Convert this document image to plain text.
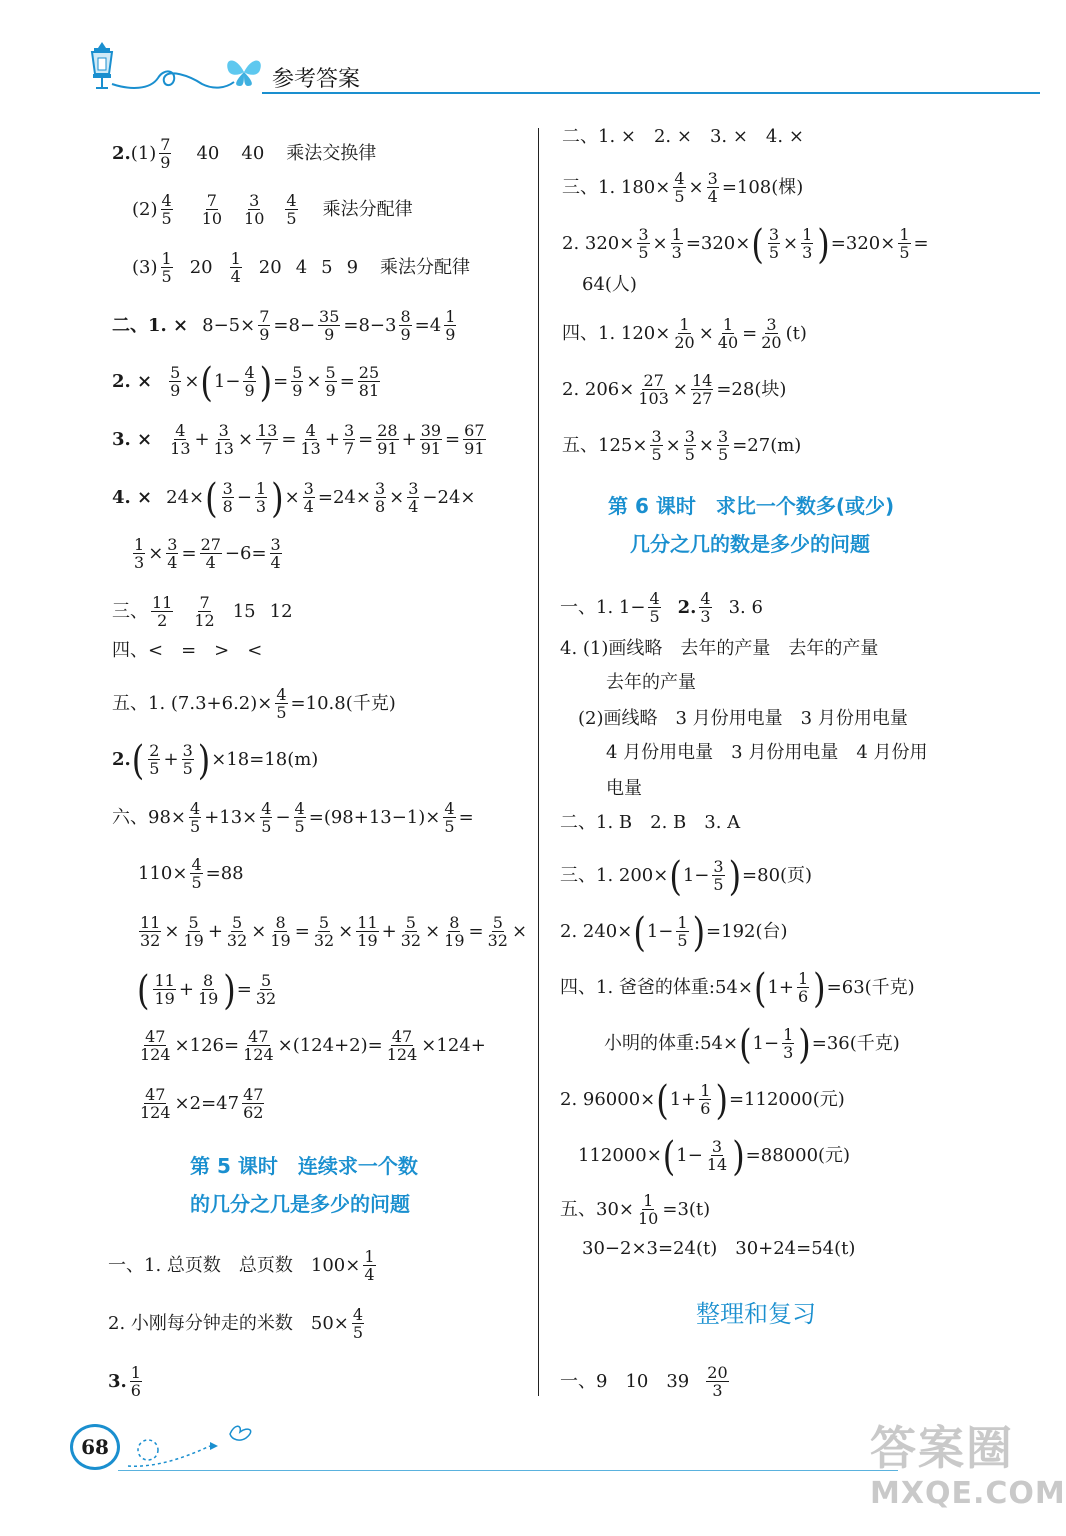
参考答案
2. $(1) \frac{7}{9} 40$ 40 乘法交换律
$(2) \frac{4}{5} \frac{7}{10} \frac{3}{10} \frac{4}{5}$ 乘法分配律
$(3) \frac{1}{5} 20 \frac{1}{4} 20$ 4 5 9 乘法分配律
二、1. × $8-5\times \frac{7}{9} =8- \frac{35}{9} =8-3 \frac{8}{9} =4 \frac{1}{9}$
2. × $\frac{5}{9}$ × ( $1- \frac{4}{9}$ ) = $\frac{5}{9} \times \frac{5}{9} = \frac{25}{81}$
3. × $\frac{4}{13} + \frac{3}{13} \times \frac{13}{7} = \frac{4}{13} + \frac{3}{7} = \frac{28}{91} + \frac{39}{91} = \frac{67}{91}$
4. × 24× ( $\frac{3}{8} - \frac{1}{3}$ ) × $\frac{3}{4} =24\times \frac{3}{8} \times \frac{3}{4} -24\times$
$\frac{1}{3} \times \frac{3}{4} = \frac{27}{4} -6= \frac{3}{4}$
三、 $\frac{11}{2} \frac{7}{12} 15$ 12
四、<　=　>　<
五、1. $(7.3+6.2)\times \frac{4}{5} =10.8$(千克)
2. ( $\frac{2}{5} + \frac{3}{5}$ ) ×18=18(m)
六、$98\times \frac{4}{5} +13\times \frac{4}{5} - \frac{4}{5} =(98+13-1)\times \frac{4}{5}$ =
$110\times \frac{4}{5} =88$
$\frac{11}{32} \times \frac{5}{19} + \frac{5}{32} \times \frac{8}{19} = \frac{5}{32} \times \frac{11}{19} + \frac{5}{32} \times \frac{8}{19} = \frac{5}{32}$ ×
( $\frac{11}{19} + \frac{8}{19}$ ) = $\frac{5}{32}$
$\frac{47}{124} \times 126= \frac{47}{124} \times(124+2)= \frac{47}{124} \times 124+$
$\frac{47}{124} \times 2=47 \frac{47}{62}$
第 5 课时　连续求一个数
的几分之几是多少的问题
一、1. 总页数　总页数　$100\times \frac{1}{4}$
2. 小刚每分钟走的米数　$50\times \frac{4}{5}$
3. $\frac{1}{6}$
二、1. ×　2. ×　3. ×　4. ×
三、1. $180\times \frac{4}{5} \times \frac{3}{4} =108$(棵)
2. $320\times \frac{3}{5} \times \frac{1}{3} =320\times$ ( $\frac{3}{5} \times \frac{1}{3}$ ) $=320\times \frac{1}{5}$ =
64(人)
四、1. $120\times \frac{1}{20} \times \frac{1}{40} = \frac{3}{20} (t)$
2. $206\times \frac{27}{103} \times \frac{14}{27} =28$(块)
五、$125\times \frac{3}{5} \times \frac{3}{5} \times \frac{3}{5} =27(m)$
第 6 课时　求比一个数多(或少)
几分之几的数是多少的问题
一、1. $1- \frac{4}{5} 2$. $\frac{4}{3} 3$. 6
4. (1)画线略　去年的产量　去年的产量
去年的产量
(2)画线略　3 月份用电量　3 月份用电量
4 月份用电量　3 月份用电量　4 月份用
电量
二、1. B　2. B　3. A
三、1. 200× ( $1- \frac{3}{5}$ ) =80(页)
2. 240× ( $1- \frac{1}{5}$ ) =192(台)
四、1. 爸爸的体重:54× ( $1+ \frac{1}{6}$ ) =63(千克)
小明的体重:54× ( $1- \frac{1}{3}$ ) =36(千克)
2. 96000× ( $1+ \frac{1}{6}$ ) =112000(元)
112000× ( $1- \frac{3}{14}$ ) =88000(元)
五、$30\times \frac{1}{10} =3(t)$
30−2×3=24(t)　30+24=54(t)
整理和复习
一、9　10　$39 \frac{20}{3}$
68	答案圈
MXQE.COM
